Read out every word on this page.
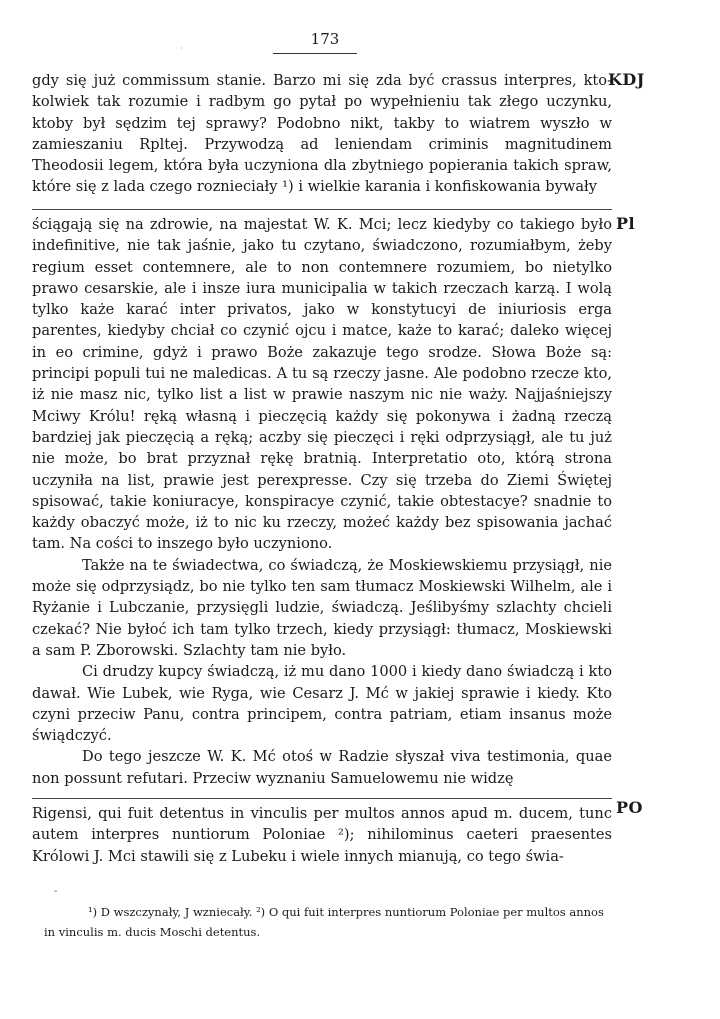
·
173
KDJ

gdy się już commissum stanie. Barzo mi się zda być crassus interpres, kto-kolwiek tak rozumie i radbym go pytał po wypełnieniu tak złego uczynku, ktoby był sędzim tej sprawy? Podobno nikt, takby to wiatrem wyszło w zamieszaniu Rpltej. Przywodzą ad leniendam criminis magnitudinem Theodosii legem, która była uczyniona dla zbytniego popierania takich spraw, które się z lada czego roznieciały ¹) i wielkie karania i konfiskowania bywały

Pl

ściągają się na zdrowie, na majestat W. K. Mci; lecz kiedyby co takiego było indefinitive, nie tak jaśnie, jako tu czytano, świadczono, rozumiałbym, żeby regium esset contemnere, ale to non contemnere rozumiem, bo nietylko prawo cesarskie, ale i insze iura municipalia w takich rzeczach karzą. I wolą tylko każe karać inter privatos, jako w konstytucyi de iniuriosis erga parentes, kiedyby chciał co czynić ojcu i matce, każe to karać; daleko więcej in eo crimine, gdyż i prawo Boże zakazuje tego srodze. Słowa Boże są: principi populi tui ne maledicas. A tu są rzeczy jasne. Ale podobno rzecze kto, iż nie masz nic, tylko list a list w prawie naszym nic nie waży. Najjaśniejszy Mciwy Królu! ręką własną i pieczęcią każdy się pokonywa i żadną rzeczą bardziej jak pieczęcią a ręką; aczby się pieczęci i ręki odprzysiągł, ale tu już nie może, bo brat przyznał rękę bratnią. Interpretatio oto, którą strona uczyniła na list, prawie jest perexpresse. Czy się trzeba do Ziemi Świętej spisować, takie koniuracye, konspiracye czynić, takie obtestacye? snadnie to każdy obaczyć może, iż to nic ku rzeczy, możeć każdy bez spisowania jachać tam. Na cości to inszego było uczyniono.

Także na te świadectwa, co świadczą, że Moskiewskiemu przysiągł, nie może się odprzysiądz, bo nie tylko ten sam tłumacz Moskiewski Wilhelm, ale i Ryżanie i Lubczanie, przysięgli ludzie, świadczą. Jeślibyśmy szlachty chcieli czekać? Nie byłoć ich tam tylko trzech, kiedy przysiągł: tłumacz, Moskiewski a sam P. Zborowski. Szlachty tam nie było.

Ci drudzy kupcy świadczą, iż mu dano 1000 i kiedy dano świadczą i kto dawał. Wie Lubek, wie Ryga, wie Cesarz J. Mć w jakiej sprawie i kiedy. Kto czyni przeciw Panu, contra principem, contra patriam, etiam insanus może świądczyć.

Do tego jeszcze W. K. Mć otoś w Radzie słyszał viva testimonia, quae non possunt refutari. Przeciw wyznaniu Samuelowemu nie widzę

PO

Rigensi, qui fuit detentus in vinculis per multos annos apud m. ducem, tunc autem interpres nuntiorum Poloniae ²); nihilominus caeteri praesentes Królowi J. Mci stawili się z Lubeku i wiele innych mianują, co tego świa-

-

¹) D wszczynały, J wzniecały. ²) O qui fuit interpres nuntiorum Poloniae per multos annos
in vinculis m. ducis Moschi detentus.
